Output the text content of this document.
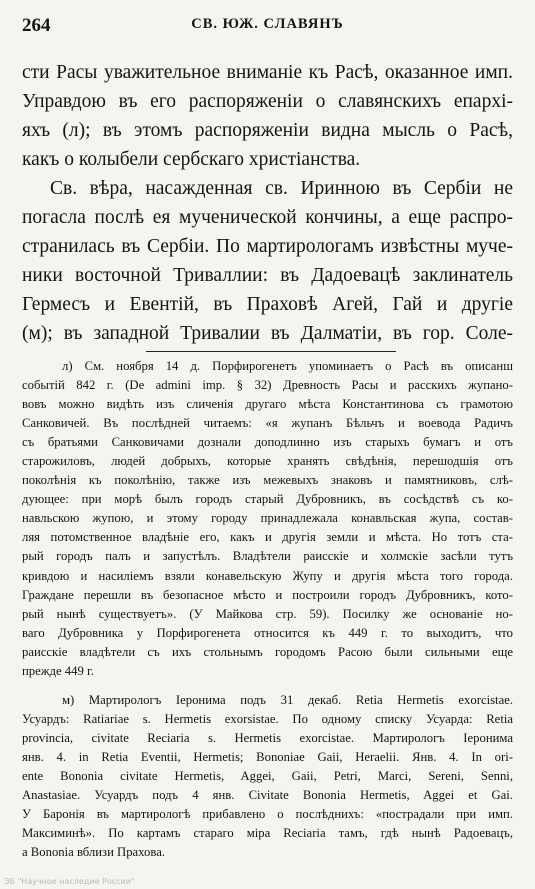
264	СВ. ЮЖ. СЛАВЯНЪ
сти Расы уважительное вниманіе къ Расѣ, оказанное имп.
Управдою въ его распоряженіи о славянскихъ епархі-
яхъ (л); въ этомъ распоряженіи видна мысль о Расѣ,
какъ о колыбели сербскаго христіанства.
Св. вѣра, насажденная св. Иринною въ Сербіи не
погасла послѣ ея мученической кончины, а еще распро-
странилась въ Сербіи. По мартирологамъ извѣстны муче-
ники восточной Триваллии: въ Дадоевацѣ заклинатель
Гермесъ и Евентій, въ Праховѣ Агей, Гай и другіе
(м); въ западной Тривалии въ Далматіи, въ гор. Соле-
л) См. ноября 14 д. Порфирогенетъ упоминаетъ о Расѣ въ описанш
событій 842 г. (De admini imp. § 32) Древность Расы и расскихъ жупано-
вовъ можно видѣть изъ сличенія другаго мѣста Константинова съ грамотою
Санковичей. Въ послѣдней читаемъ: «я жупанъ Бѣльчъ и воевода Радичъ
съ братьями Санковичами дознали доподлинно изъ старыхъ бумагъ и отъ
старожиловъ, людей добрыхъ, которые хранять свѣдѣнія, перешодшія отъ
поколѣнія къ поколѣнію, также изъ межевыхъ знаковъ и памятниковъ, слѣ-
дующее: при морѣ былъ городъ старый Дубровникъ, въ сосѣдствѣ съ ко-
навльскою жупою, и этому городу принадлежала конавльская жупа, состав-
ляя потомственное владѣніе его, какъ и другія земли и мѣста. Но тотъ ста-
рый городъ палъ и запустѣлъ. Владѣтели раисскіе и холмскіе засѣли тутъ
кривдою и насиліемъ взяли конавельскую Жупу и другія мѣста того города.
Граждане перешли въ безопасное мѣсто и построили городъ Дубровникъ, кото-
рый нынѣ существуетъ». (У Майкова стр. 59). Посилку же основаніе но-
ваго Дубровника у Порфирогенета относится къ 449 г. то выходитъ, что
раисскіе владѣтели съ ихъ стольнымъ городомъ Расою были сильными еще
прежде 449 г.
м) Мартирологъ Іеронима подъ 31 декаб. Retia Hermetis exorcistae.
Усуардъ: Ratiariae s. Hermetis exorsistae. По одному списку Усуарда: Retia
provincia, civitate Reciaria s. Hermetis exorcistae. Мартирологъ Іеронима
янв. 4. in Retia Eventii, Hermetis; Bononiae Gaii, Heraelii. Янв. 4. In ori-
ente Bononia civitate Hermetis, Aggei, Gaii, Petri, Marci, Sereni, Senni,
Anastasiae. Усуардъ подъ 4 янв. Civitate Bononia Hermetis, Aggei et Gai.
У Баронія въ мартирологѣ прибавлено о послѣднихъ: «пострадали при имп.
Максиминѣ». По картамъ стараго міра Reciaria тамъ, гдѣ нынѣ Радоевацъ,
а Bononia вблизи Прахова.
ЭБ "Научное наследие России"
